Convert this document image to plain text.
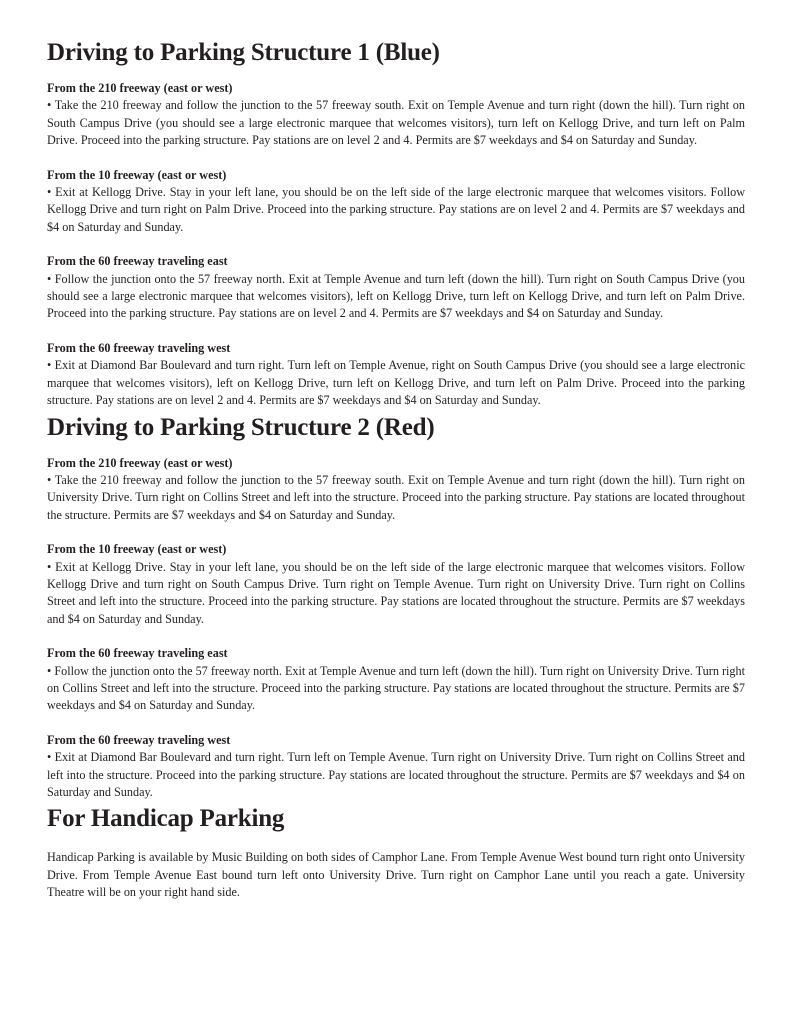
Driving to Parking Structure 1 (Blue)
From the 210 freeway (east or west)

• Take the 210 freeway and follow the junction to the 57 freeway south. Exit on Temple Avenue and turn right (down the hill). Turn right on South Campus Drive (you should see a large electronic marquee that welcomes visitors), turn left on Kellogg Drive, and turn left on Palm Drive. Proceed into the parking structure. Pay stations are on level 2 and 4. Permits are $7 weekdays and $4 on Saturday and Sunday.

From the 10 freeway (east or west)

• Exit at Kellogg Drive. Stay in your left lane, you should be on the left side of the large electronic marquee that welcomes visitors. Follow Kellogg Drive and turn right on Palm Drive. Proceed into the parking structure. Pay stations are on level 2 and 4. Permits are $7 weekdays and $4 on Saturday and Sunday.

From the 60 freeway traveling east

• Follow the junction onto the 57 freeway north. Exit at Temple Avenue and turn left (down the hill). Turn right on South Campus Drive (you should see a large electronic marquee that welcomes visitors), left on Kellogg Drive, turn left on Kellogg Drive, and turn left on Palm Drive. Proceed into the parking structure. Pay stations are on level 2 and 4. Permits are $7 weekdays and $4 on Saturday and Sunday.

From the 60 freeway traveling west

• Exit at Diamond Bar Boulevard and turn right. Turn left on Temple Avenue, right on South Campus Drive (you should see a large electronic marquee that welcomes visitors), left on Kellogg Drive, turn left on Kellogg Drive, and turn left on Palm Drive. Proceed into the parking structure. Pay stations are on level 2 and 4. Permits are $7 weekdays and $4 on Saturday and Sunday.

Driving to Parking Structure 2 (Red)
From the 210 freeway (east or west)

• Take the 210 freeway and follow the junction to the 57 freeway south. Exit on Temple Avenue and turn right (down the hill). Turn right on University Drive. Turn right on Collins Street and left into the structure. Proceed into the parking structure. Pay stations are located throughout the structure. Permits are $7 weekdays and $4 on Saturday and Sunday.

From the 10 freeway (east or west)

• Exit at Kellogg Drive. Stay in your left lane, you should be on the left side of the large electronic marquee that welcomes visitors. Follow Kellogg Drive and turn right on South Campus Drive. Turn right on Temple Avenue. Turn right on University Drive. Turn right on Collins Street and left into the structure. Proceed into the parking structure. Pay stations are located throughout the structure. Permits are $7 weekdays and $4 on Saturday and Sunday.

From the 60 freeway traveling east

• Follow the junction onto the 57 freeway north. Exit at Temple Avenue and turn left (down the hill). Turn right on University Drive. Turn right on Collins Street and left into the structure. Proceed into the parking structure. Pay stations are located throughout the structure. Permits are $7 weekdays and $4 on Saturday and Sunday.

From the 60 freeway traveling west

• Exit at Diamond Bar Boulevard and turn right. Turn left on Temple Avenue. Turn right on University Drive. Turn right on Collins Street and left into the structure. Proceed into the parking structure. Pay stations are located throughout the structure. Permits are $7 weekdays and $4 on Saturday and Sunday.

For Handicap Parking

Handicap Parking is available by Music Building on both sides of Camphor Lane. From Temple Avenue West bound turn right onto University Drive. From Temple Avenue East bound turn left onto University Drive. Turn right on Camphor Lane until you reach a gate. University Theatre will be on your right hand side.
